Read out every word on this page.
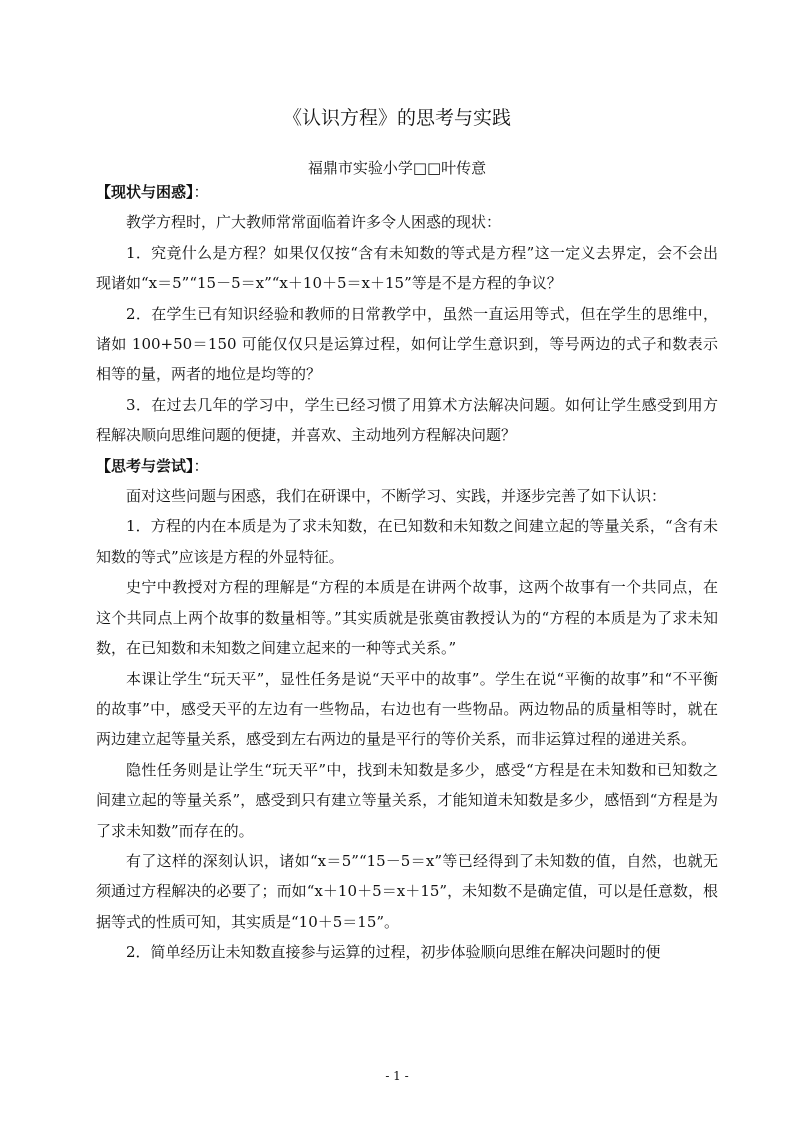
《认识方程》的思考与实践
福鼎市实验小学□□叶传意

【现状与困惑】：

教学方程时，广大教师常常面临着许多令人困惑的现状：

1．究竟什么是方程？如果仅仅按“含有未知数的等式是方程”这一定义去界定，会不会出现诸如“x＝5”“15－5＝x”“x＋10＋5＝x＋15”等是不是方程的争议？

2．在学生已有知识经验和教师的日常教学中，虽然一直运用等式，但在学生的思维中，诸如 100+50＝150 可能仅仅只是运算过程，如何让学生意识到，等号两边的式子和数表示相等的量，两者的地位是均等的？

3．在过去几年的学习中，学生已经习惯了用算术方法解决问题。如何让学生感受到用方程解决顺向思维问题的便捷，并喜欢、主动地列方程解决问题？

【思考与尝试】：

面对这些问题与困惑，我们在研课中，不断学习、实践，并逐步完善了如下认识：

1．方程的内在本质是为了求未知数，在已知数和未知数之间建立起的等量关系，“含有未知数的等式”应该是方程的外显特征。

史宁中教授对方程的理解是“方程的本质是在讲两个故事，这两个故事有一个共同点，在这个共同点上两个故事的数量相等。”其实质就是张奠宙教授认为的“方程的本质是为了求未知数，在已知数和未知数之间建立起来的一种等式关系。”

本课让学生“玩天平”，显性任务是说“天平中的故事”。学生在说“平衡的故事”和“不平衡的故事”中，感受天平的左边有一些物品，右边也有一些物品。两边物品的质量相等时，就在两边建立起等量关系，感受到左右两边的量是平行的等价关系，而非运算过程的递进关系。

隐性任务则是让学生“玩天平”中，找到未知数是多少，感受“方程是在未知数和已知数之间建立起的等量关系”，感受到只有建立等量关系，才能知道未知数是多少，感悟到“方程是为了求未知数”而存在的。

有了这样的深刻认识，诸如“x＝5”“15－5＝x”等已经得到了未知数的值，自然，也就无须通过方程解决的必要了；而如“x＋10＋5＝x＋15”，未知数不是确定值，可以是任意数，根据等式的性质可知，其实质是“10＋5＝15”。

2．简单经历让未知数直接参与运算的过程，初步体验顺向思维在解决问题时的便

- 1 -
